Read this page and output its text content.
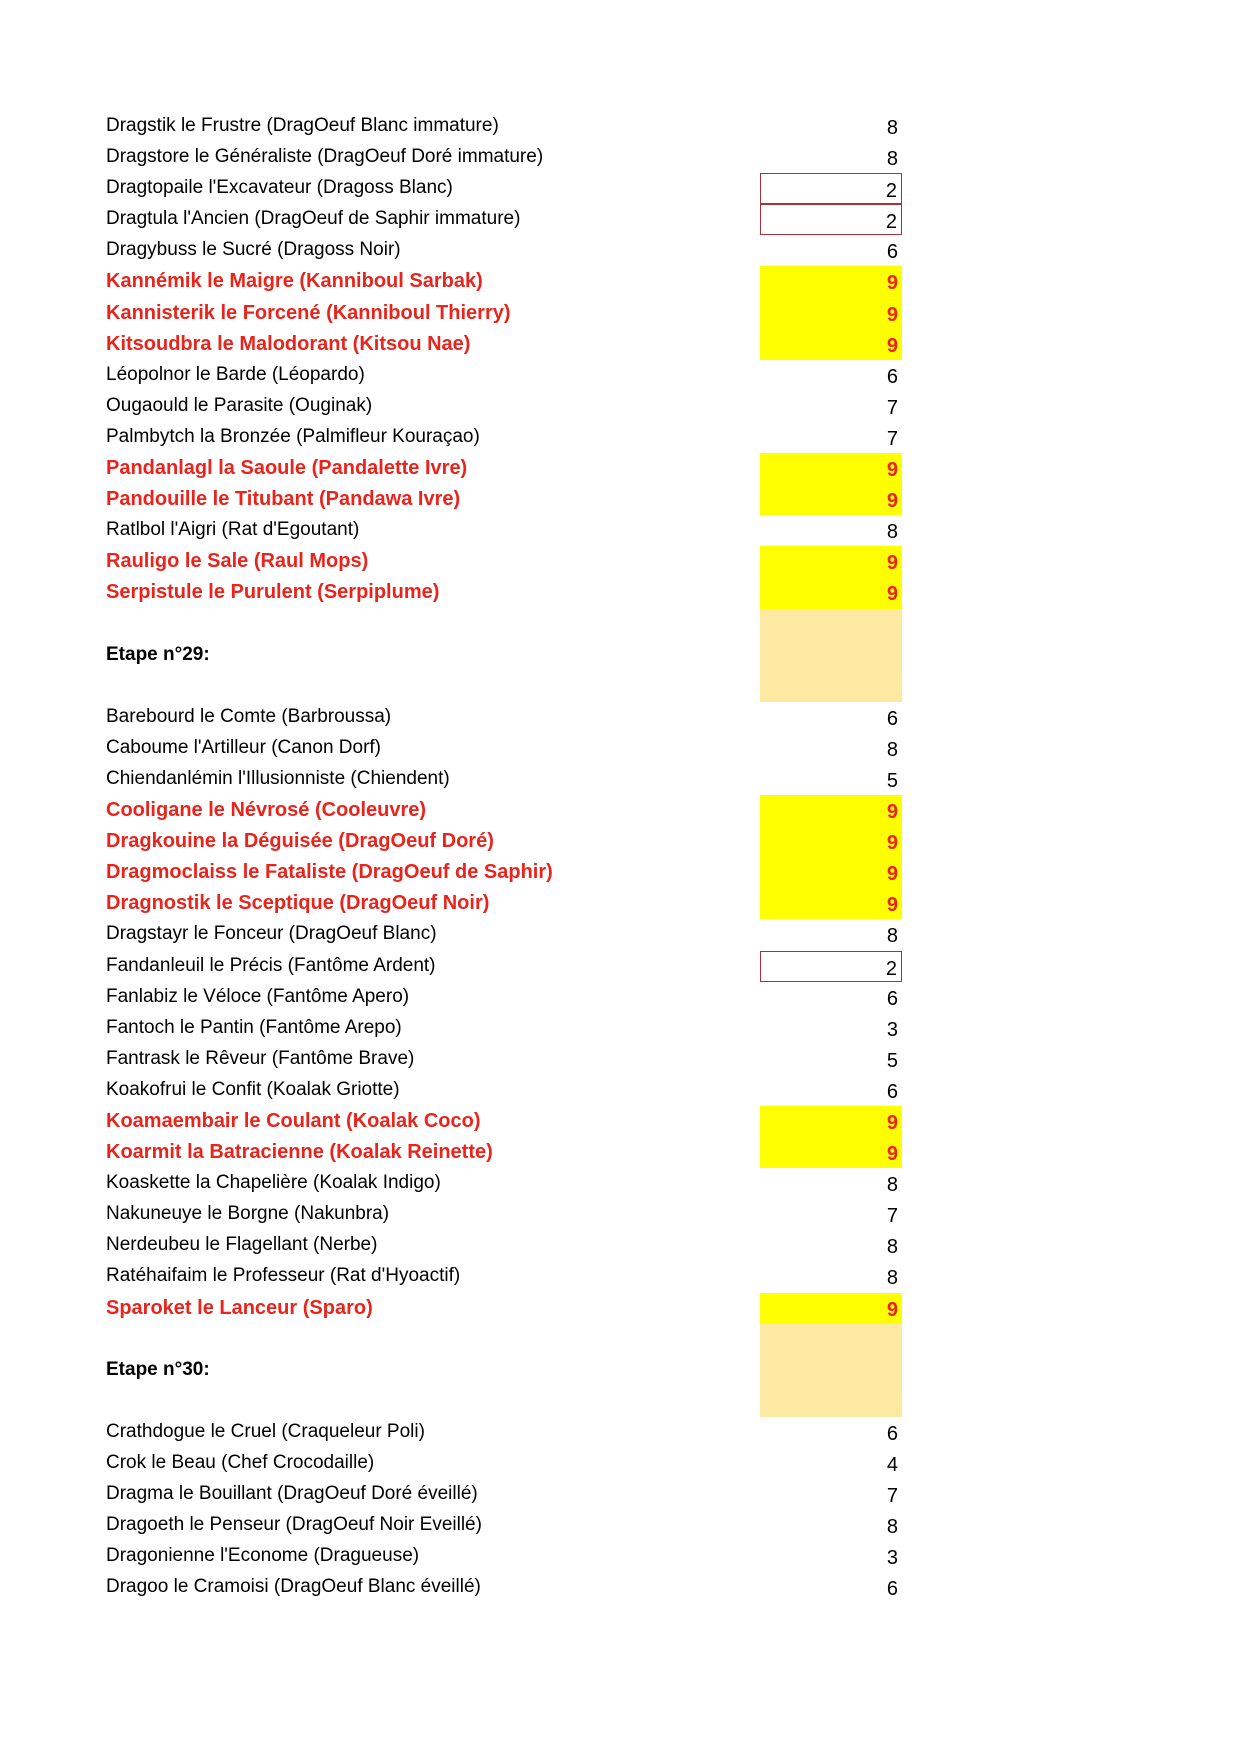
Dragstik le Frustre (DragOeuf Blanc immature)	8
Dragstore le Généraliste (DragOeuf Doré immature)	8
Dragtopaile l'Excavateur (Dragoss Blanc)	2
Dragtula l'Ancien (DragOeuf de Saphir immature)	2
Dragybuss le Sucré (Dragoss Noir)	6
Kannémik le Maigre (Kanniboul Sarbak)	9
Kannisterik le Forcené (Kanniboul Thierry)	9
Kitsoudbra le Malodorant (Kitsou Nae)	9
Léopolnor le Barde (Léopardo)	6
Ougaould le Parasite (Ouginak)	7
Palmbytch la Bronzée (Palmifleur Kouraçao)	7
Pandanlagl la Saoule (Pandalette Ivre)	9
Pandouille le Titubant (Pandawa Ivre)	9
Ratlbol l'Aigri (Rat d'Egoutant)	8
Rauligo le Sale (Raul Mops)	9
Serpistule le Purulent (Serpiplume)	9
Etape n°29:
Barebourd le Comte (Barbroussa)	6
Caboume l'Artilleur (Canon Dorf)	8
Chiendanlémin l'Illusionniste (Chiendent)	5
Cooligane le Névrosé (Cooleuvre)	9
Dragkouine la Déguisée (DragOeuf Doré)	9
Dragmoclaiss le Fataliste (DragOeuf de Saphir)	9
Dragnostik le Sceptique (DragOeuf Noir)	9
Dragstayr le Fonceur (DragOeuf Blanc)	8
Fandanleuil le Précis (Fantôme Ardent)	2
Fanlabiz le Véloce (Fantôme Apero)	6
Fantoch le Pantin (Fantôme Arepo)	3
Fantrask le Rêveur (Fantôme Brave)	5
Koakofrui le Confit (Koalak Griotte)	6
Koamaembair le Coulant (Koalak Coco)	9
Koarmit la Batracienne (Koalak Reinette)	9
Koaskette la Chapelière (Koalak Indigo)	8
Nakuneuye le Borgne (Nakunbra)	7
Nerdeubeu le Flagellant (Nerbe)	8
Ratéhaifaim le Professeur (Rat d'Hyoactif)	8
Sparoket le Lanceur (Sparo)	9
Etape n°30:
Crathdogue le Cruel (Craqueleur Poli)	6
Crok le Beau (Chef Crocodaille)	4
Dragma le Bouillant (DragOeuf Doré éveillé)	7
Dragoeth le Penseur (DragOeuf Noir Eveillé)	8
Dragonienne l'Econome (Dragueuse)	3
Dragoo le Cramoisi (DragOeuf Blanc éveillé)	6
